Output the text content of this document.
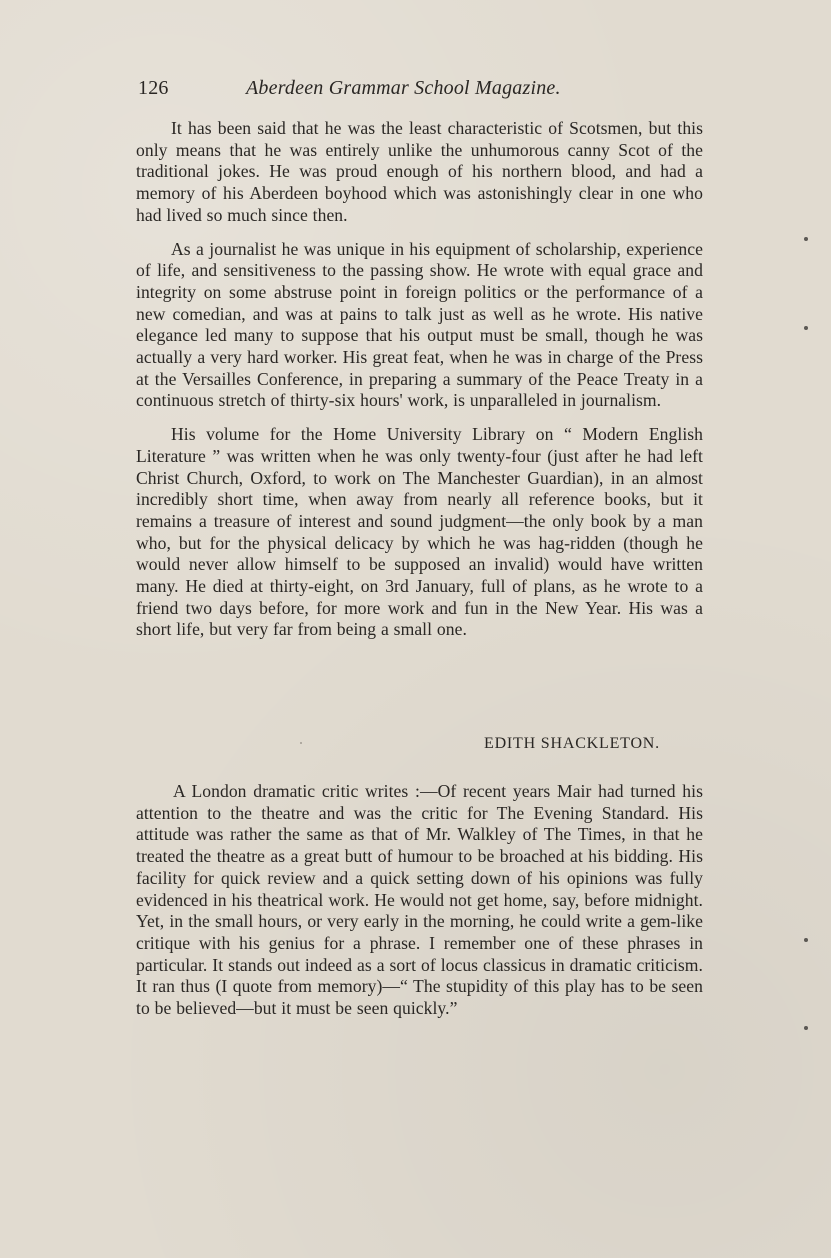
126	Aberdeen Grammar School Magazine.

It has been said that he was the least characteristic of Scotsmen, but this only means that he was entirely unlike the unhumorous canny Scot of the traditional jokes. He was proud enough of his northern blood, and had a memory of his Aberdeen boyhood which was astonishingly clear in one who had lived so much since then.

As a journalist he was unique in his equipment of scholarship, experience of life, and sensitiveness to the passing show. He wrote with equal grace and integrity on some abstruse point in foreign politics or the performance of a new comedian, and was at pains to talk just as well as he wrote. His native elegance led many to suppose that his output must be small, though he was actually a very hard worker. His great feat, when he was in charge of the Press at the Versailles Conference, in preparing a summary of the Peace Treaty in a continuous stretch of thirty-six hours' work, is unparalleled in journalism.

His volume for the Home University Library on “ Modern English Literature ” was written when he was only twenty-four (just after he had left Christ Church, Oxford, to work on The Manchester Guardian), in an almost incredibly short time, when away from nearly all reference books, but it remains a treasure of interest and sound judgment—the only book by a man who, but for the physical delicacy by which he was hag-ridden (though he would never allow himself to be supposed an invalid) would have written many. He died at thirty-eight, on 3rd January, full of plans, as he wrote to a friend two days before, for more work and fun in the New Year. His was a short life, but very far from being a small one.

EDITH SHACKLETON.

A London dramatic critic writes :—Of recent years Mair had turned his attention to the theatre and was the critic for The Evening Standard. His attitude was rather the same as that of Mr. Walkley of The Times, in that he treated the theatre as a great butt of humour to be broached at his bidding. His facility for quick review and a quick setting down of his opinions was fully evidenced in his theatrical work. He would not get home, say, before midnight. Yet, in the small hours, or very early in the morning, he could write a gem-like critique with his genius for a phrase. I remember one of these phrases in particular. It stands out indeed as a sort of locus classicus in dramatic criticism. It ran thus (I quote from memory)—“ The stupidity of this play has to be seen to be believed—but it must be seen quickly.”
